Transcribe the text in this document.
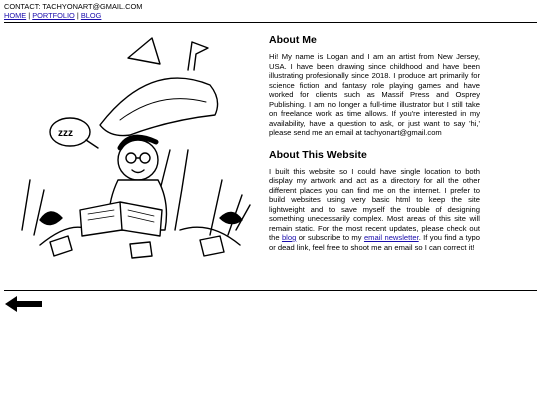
CONTACT: TACHYONART@GMAIL.COM
HOME | PORTFOLIO | BLOG
zzz
About Me

Hi! My name is Logan and I am an artist from New Jersey, USA. I have been drawing since childhood and have been illustrating profesionally since 2018. I produce art primarily for science fiction and fantasy role playing games and have worked for clients such as Massif Press and Osprey Publishing. I am no longer a full-time illustrator but I still take on freelance work as time allows. If you're interested in my availability, have a question to ask, or just want to say 'hi,' please send me an email at tachyonart@gmail.com

About This Website

I built this website so I could have single location to both display my artwork and act as a directory for all the other different places you can find me on the internet. I prefer to build websites using very basic html to keep the site lightweight and to save myself the trouble of designing something unecessarily complex. Most areas of this site will remain static. For the most recent updates, please check out the blog or subscribe to my email newsletter. If you find a typo or dead link, feel free to shoot me an email so I can correct it!
